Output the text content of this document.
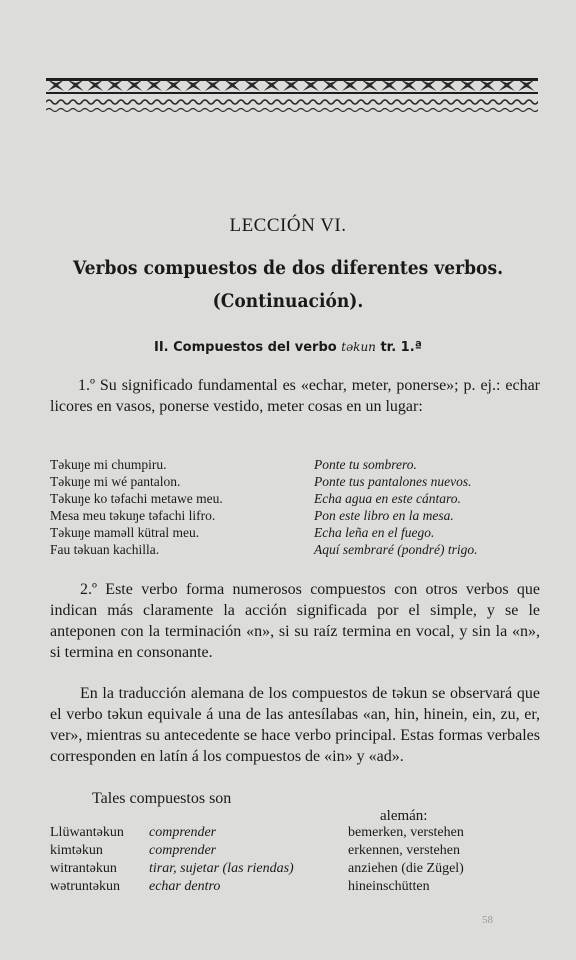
LECCIÓN VI.
Verbos compuestos de dos diferentes verbos.
(Continuación).
II. Compuestos del verbo tәkun tr. 1.ª
1.º Su significado fundamental es «echar, meter, ponerse»; p. ej.: echar licores en vasos, ponerse vestido, meter cosas en un lugar:
Tәkuŋe mi chumpiru.	Ponte tu sombrero.
Tәkuŋe mi wé pantalon.	Ponte tus pantalones nuevos.
Tәkuŋe ko tәfachi metawe meu.	Echa agua en este cántaro.
Mesa meu tәkuŋe tәfachi lifro.	Pon este libro en la mesa.
Tәkuŋe mamәll kütral meu.	Echa leña en el fuego.
Fau tәkuan kachilla.	Aquí sembraré (pondré) trigo.
2.º Este verbo forma numerosos compuestos con otros verbos que indican más claramente la acción significada por el simple, y se le anteponen con la terminación «n», si su raíz termina en vocal, y sin la «n», si termina en consonante.
En la traducción alemana de los compuestos de tәkun se observará que el verbo tәkun equivale á una de las antesílabas «an, hin, hinein, ein, zu, er, ver», mientras su antecedente se hace verbo principal. Estas formas verbales corresponden en latín á los compuestos de «in» y «ad».
Tales compuestos son
alemán:
Llüwantәkun	comprender	bemerken, verstehen
kimtәkun	comprender	erkennen, verstehen
witrantәkun	tirar, sujetar (las riendas)	anziehen (die Zügel)
wәtruntәkun	echar dentro	hineinschütten
58
